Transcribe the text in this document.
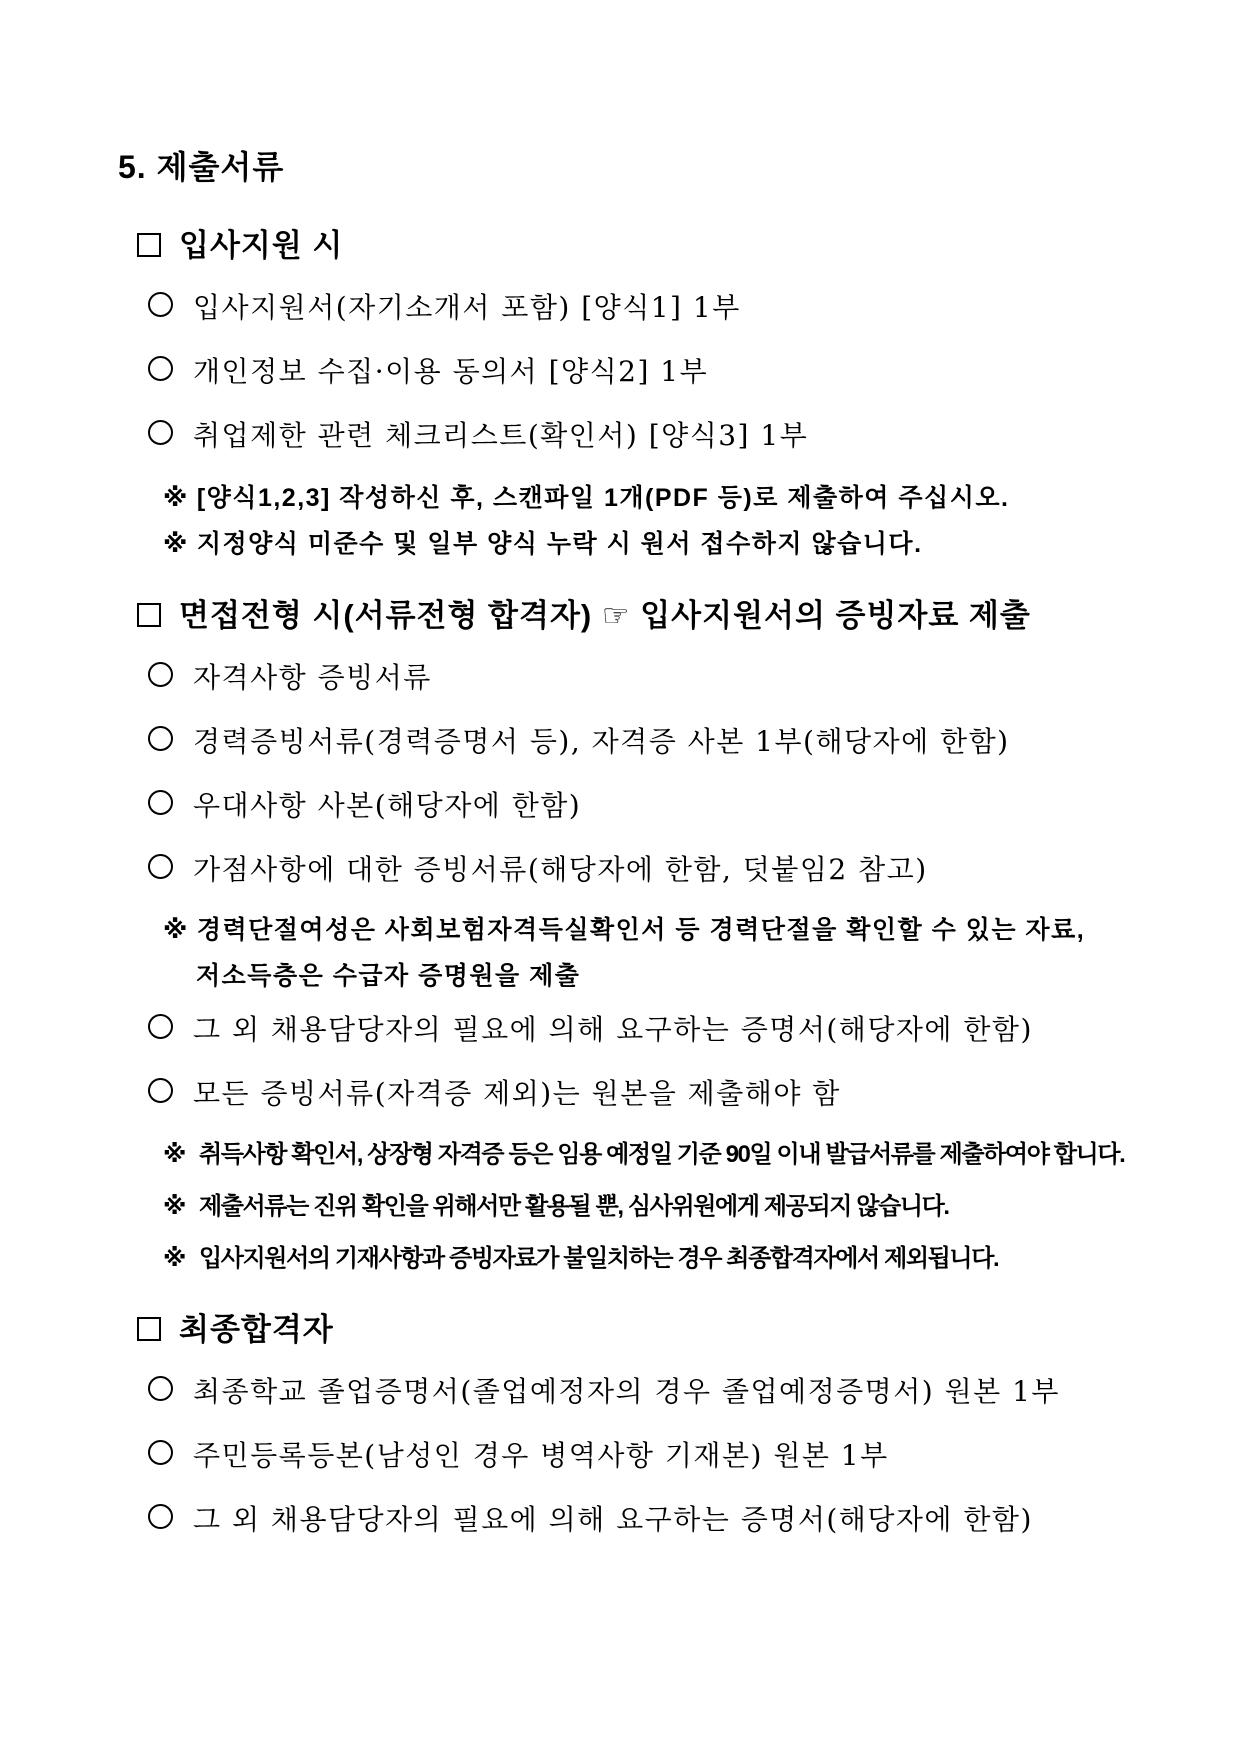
5. 제출서류
입사지원 시
입사지원서(자기소개서 포함) [양식1] 1부
개인정보 수집·이용 동의서 [양식2] 1부
취업제한 관련 체크리스트(확인서) [양식3] 1부
※ [양식1,2,3] 작성하신 후, 스캔파일 1개(PDF 등)로 제출하여 주십시오.
※ 지정양식 미준수 및 일부 양식 누락 시 원서 접수하지 않습니다.
면접전형 시(서류전형 합격자) ☞ 입사지원서의 증빙자료 제출
자격사항 증빙서류
경력증빙서류(경력증명서 등), 자격증 사본 1부(해당자에 한함)
우대사항 사본(해당자에 한함)
가점사항에 대한 증빙서류(해당자에 한함, 덧붙임2 참고)
※ 경력단절여성은 사회보험자격득실확인서 등 경력단절을 확인할 수 있는 자료,
저소득층은 수급자 증명원을 제출
그 외 채용담당자의 필요에 의해 요구하는 증명서(해당자에 한함)
모든 증빙서류(자격증 제외)는 원본을 제출해야 함
※ 취득사항 확인서, 상장형 자격증 등은 임용 예정일 기준 90일 이내 발급서류를 제출하여야 합니다.
※ 제출서류는 진위 확인을 위해서만 활용될 뿐, 심사위원에게 제공되지 않습니다.
※ 입사지원서의 기재사항과 증빙자료가 불일치하는 경우 최종합격자에서 제외됩니다.
최종합격자
최종학교 졸업증명서(졸업예정자의 경우 졸업예정증명서) 원본 1부
주민등록등본(남성인 경우 병역사항 기재본) 원본 1부
그 외 채용담당자의 필요에 의해 요구하는 증명서(해당자에 한함)
